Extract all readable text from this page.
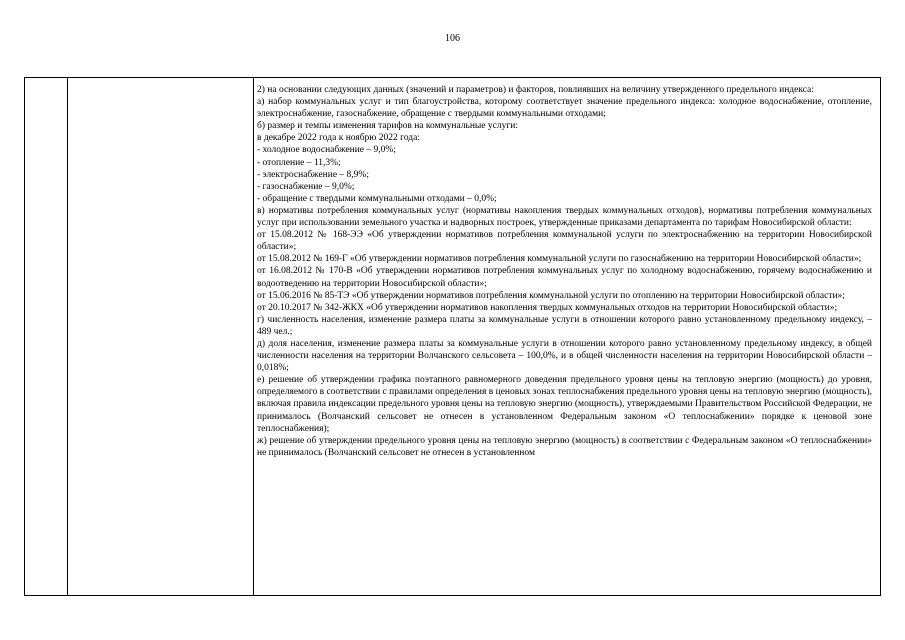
106

2) на основании следующих данных (значений и параметров) и факторов, повлиявших на величину утвержденного предельного индекса:

а) набор коммунальных услуг и тип благоустройства, которому соответствует значение предельного индекса: холодное водоснабжение, отопление, электроснабжение, газоснабжение, обращение с твердыми коммунальными отходами;

б) размер и темпы изменения тарифов на коммунальные услуги:

в декабре 2022 года к ноябрю 2022 года:

- холодное водоснабжение – 9,0%;

- отопление – 11,3%;

- электроснабжение – 8,9%;

- газоснабжение – 9,0%;

- обращение с твердыми коммунальными отходами – 0,0%;

в) нормативы потребления коммунальных услуг (нормативы накопления твердых коммунальных отходов), нормативы потребления коммунальных услуг при использовании земельного участка и надворных построек, утвержденные приказами департамента по тарифам Новосибирской области:

от 15.08.2012 № 168-ЭЭ «Об утверждении нормативов потребления коммунальной услуги по электроснабжению на территории Новосибирской области»;

от 15.08.2012 № 169-Г «Об утверждении нормативов потребления коммунальной услуги по газоснабжению на территории Новосибирской области»;

от 16.08.2012 № 170-В «Об утверждении нормативов потребления коммунальных услуг по холодному водоснабжению, горячему водоснабжению и водоотведению на территории Новосибирской области»;

от 15.06.2016 № 85-ТЭ «Об утверждении нормативов потребления коммунальной услуги по отоплению на территории Новосибирской области»;

от 20.10.2017 № 342-ЖКХ «Об утверждении нормативов накопления твердых коммунальных отходов на территории Новосибирской области»;

г) численность населения, изменение размера платы за коммунальные услуги в отношении которого равно установленному предельному индексу, – 489 чел.;

д) доля населения, изменение размера платы за коммунальные услуги в отношении которого равно установленному предельному индексу, в общей численности населения на территории Волчанского сельсовета – 100,0%, и в общей численности населения на территории Новосибирской области – 0,018%;

е) решение об утверждении графика поэтапного равномерного доведения предельного уровня цены на тепловую энергию (мощность) до уровня, определяемого в соответствии с правилами определения в ценовых зонах теплоснабжения предельного уровня цены на тепловую энергию (мощность), включая правила индексации предельного уровня цены на тепловую энергию (мощность), утверждаемыми Правительством Российской Федерации, не принималось (Волчанский сельсовет не отнесен в установленном Федеральным законом «О теплоснабжении» порядке к ценовой зоне теплоснабжения);

ж) решение об утверждении предельного уровня цены на тепловую энергию (мощность) в соответствии с Федеральным законом «О теплоснабжении» не принималось (Волчанский сельсовет не отнесен в установленном
